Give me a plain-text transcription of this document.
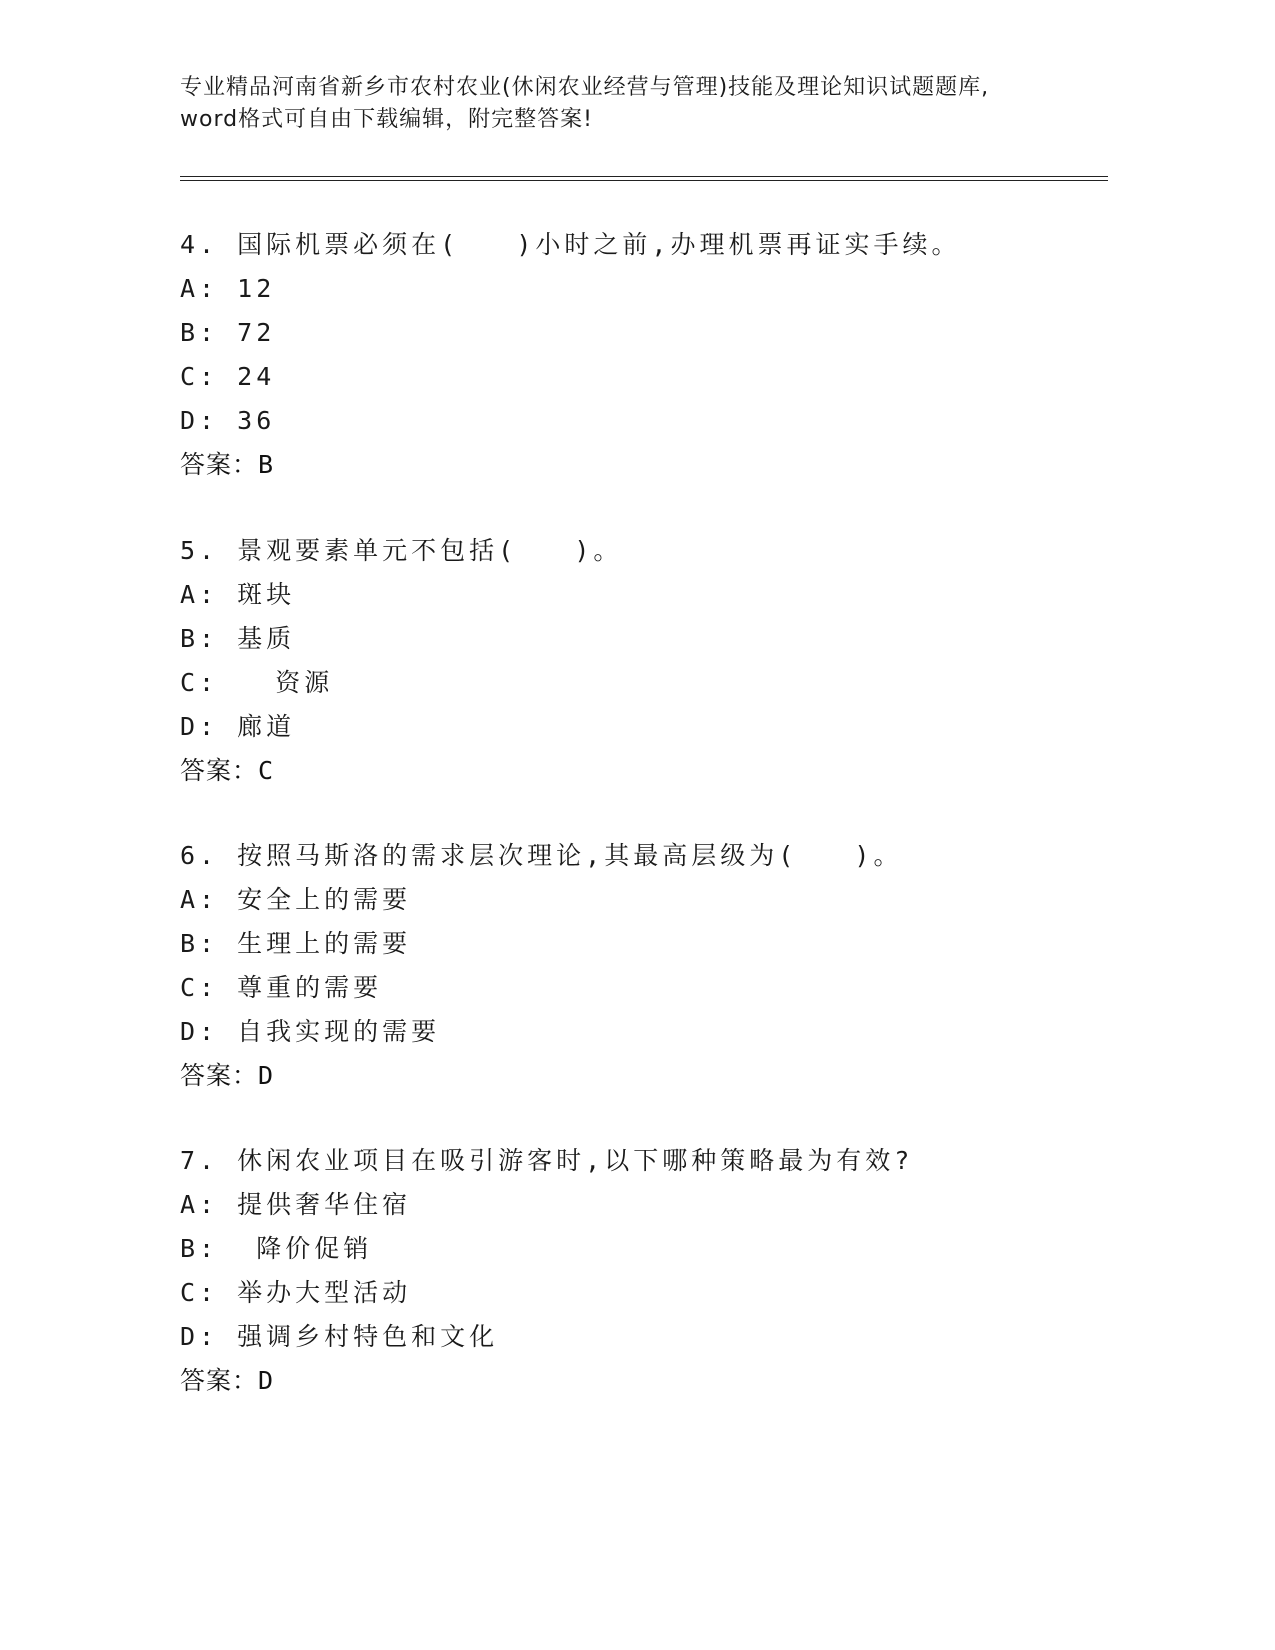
专业精品河南省新乡市农村农业(休闲农业经营与管理)技能及理论知识试题题库,
word格式可自由下载编辑，附完整答案!
4. 国际机票必须在(   )小时之前,办理机票再证实手续。
A: 12
B: 72
C: 24
D: 36
答案：B
5. 景观要素单元不包括(   )。
A: 斑块
B: 基质
C:   资源
D: 廊道
答案：C
6. 按照马斯洛的需求层次理论,其最高层级为(   )。
A: 安全上的需要
B: 生理上的需要
C: 尊重的需要
D: 自我实现的需要
答案：D
7. 休闲农业项目在吸引游客时,以下哪种策略最为有效?
A: 提供奢华住宿
B:  降价促销
C: 举办大型活动
D: 强调乡村特色和文化
答案：D
